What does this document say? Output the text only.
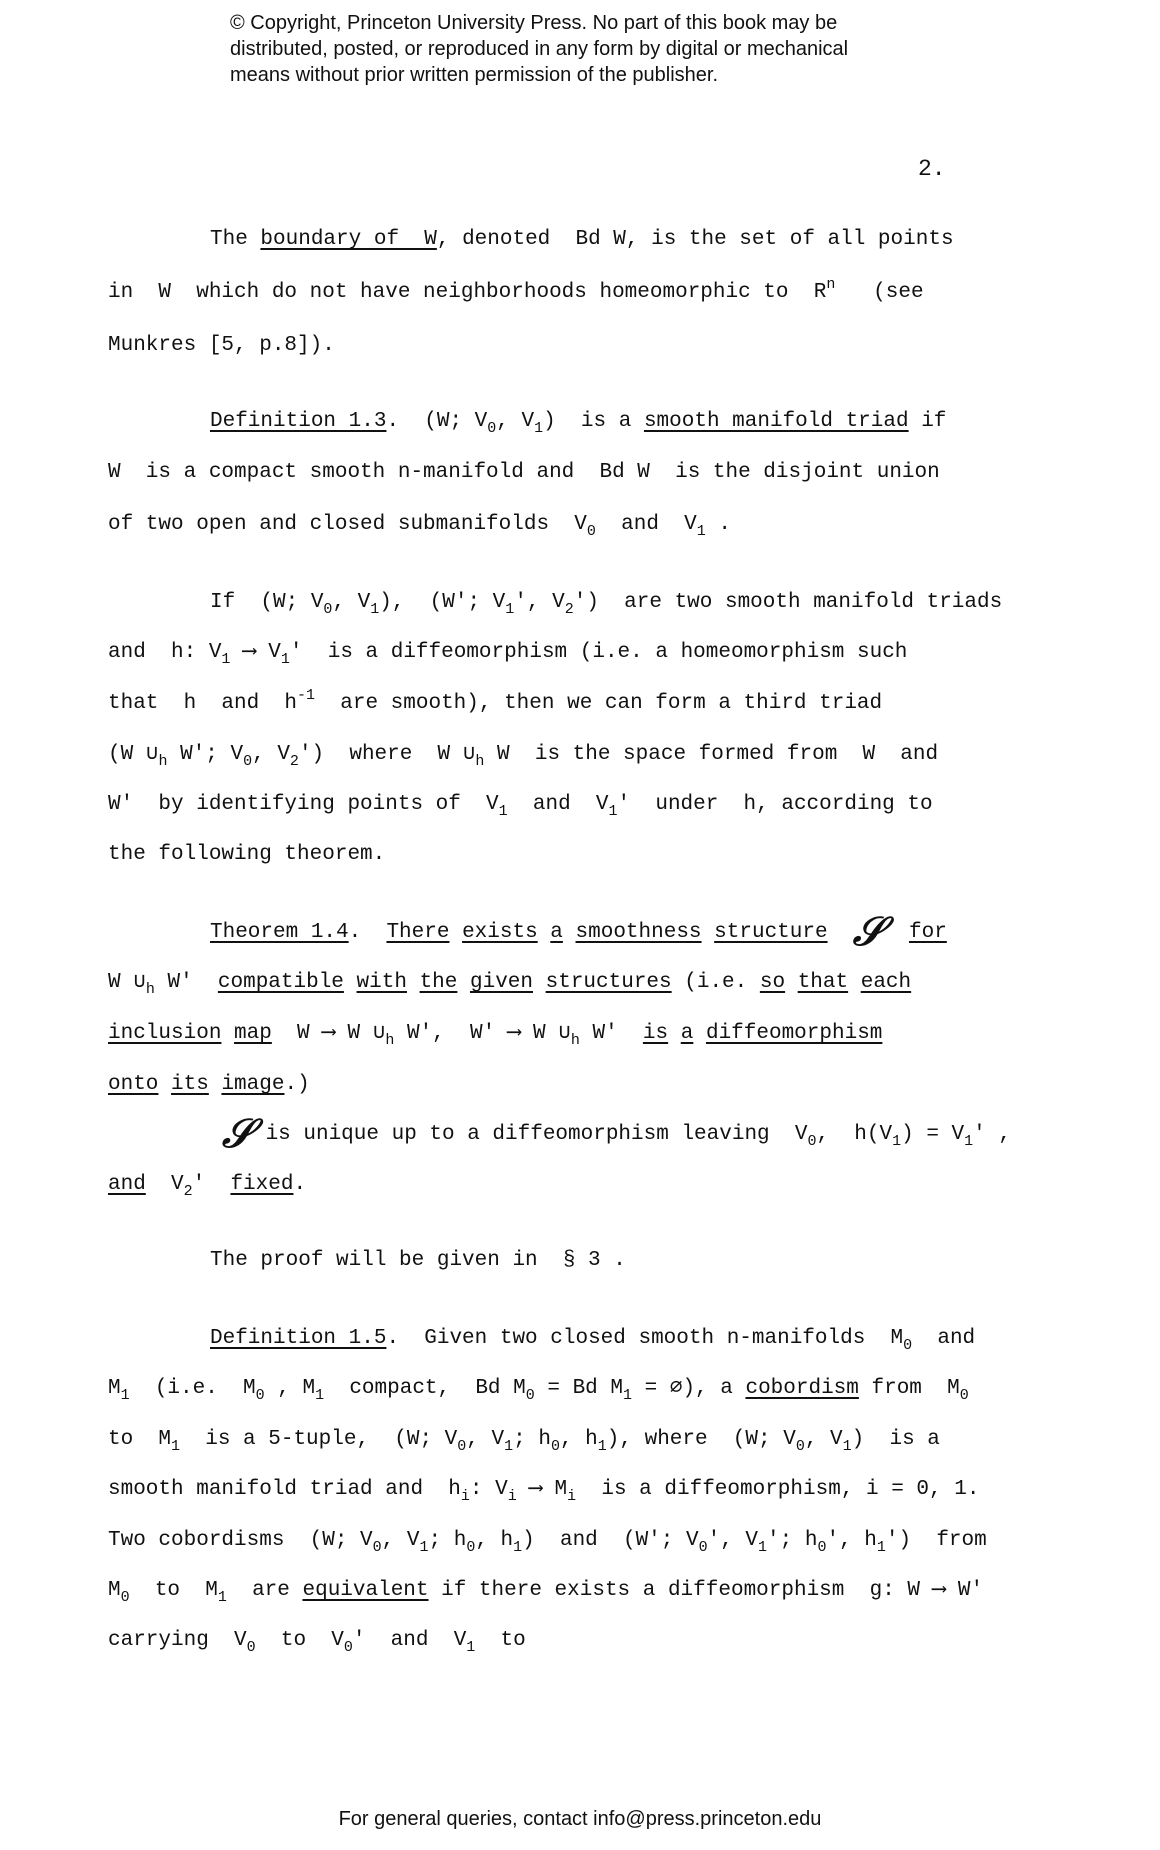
© Copyright, Princeton University Press. No part of this book may be
distributed, posted, or reproduced in any form by digital or mechanical
means without prior written permission of the publisher.
2.
The boundary of  W, denoted  Bd W, is the set of all points
in  W  which do not have neighborhoods homeomorphic to  $R^n$   (see
Munkres [5, p.8]).
Definition 1.3.  (W; $V_0$, $V_1$)  is a smooth manifold triad if
W  is a compact smooth n-manifold and  Bd W  is the disjoint union
of two open and closed submanifolds  $V_0$  and  $V_1$ .
If  (W; $V_0$, $V_1$),  (W'; $V_1'$, $V_2'$)  are two smooth manifold triads
and  h: $V_1$ ⟶ $V_1'$  is a diffeomorphism (i.e. a homeomorphism such
that  h  and  $h^{-1}$  are smooth), then we can form a third triad
(W $\cup_h$ W'; $V_0$, $V_2'$)  where  W $\cup_h$ W  is the space formed from  W  and
W'  by identifying points of  $V_1$  and  $V_1'$  under  h, according to
the following theorem.
Theorem 1.4.  There exists a smoothness structure 𝒮 for
W $\cup_h$ W'  compatible with the given structures (i.e. so that each
inclusion map  W ⟶ W $\cup_h$ W',  W' ⟶ W $\cup_h$ W'  is a diffeomorphism
onto its image.)
𝒮 is unique up to a diffeomorphism leaving  $V_0$,  $h(V_1) = V_1'$ ,
and  $V_2'$  fixed.
The proof will be given in  § 3 .
Definition 1.5.  Given two closed smooth n-manifolds  $M_0$  and
$M_1$  (i.e.  $M_0$ , $M_1$  compact,  Bd $M_0 = Bd$ $M_1$ = ∅), a cobordism from  $M_0$
to  $M_1$  is a 5-tuple,  (W; $V_0$, $V_1$; $h_0$, $h_1$), where  (W; $V_0$, $V_1$)  is a
smooth manifold triad and  $h_i$: $V_i$ ⟶ $M_i$  is a diffeomorphism, i = 0, 1.
Two cobordisms  (W; $V_0$, $V_1$; $h_0$, $h_1$)  and  (W'; $V_0'$, $V_1'$; $h_0'$, $h_1'$)  from
$M_0$  to  $M_1$  are equivalent if there exists a diffeomorphism  g: W ⟶ W'
carrying  $V_0$  to  $V_0'$  and  $V_1$  to
For general queries, contact info@press.princeton.edu
